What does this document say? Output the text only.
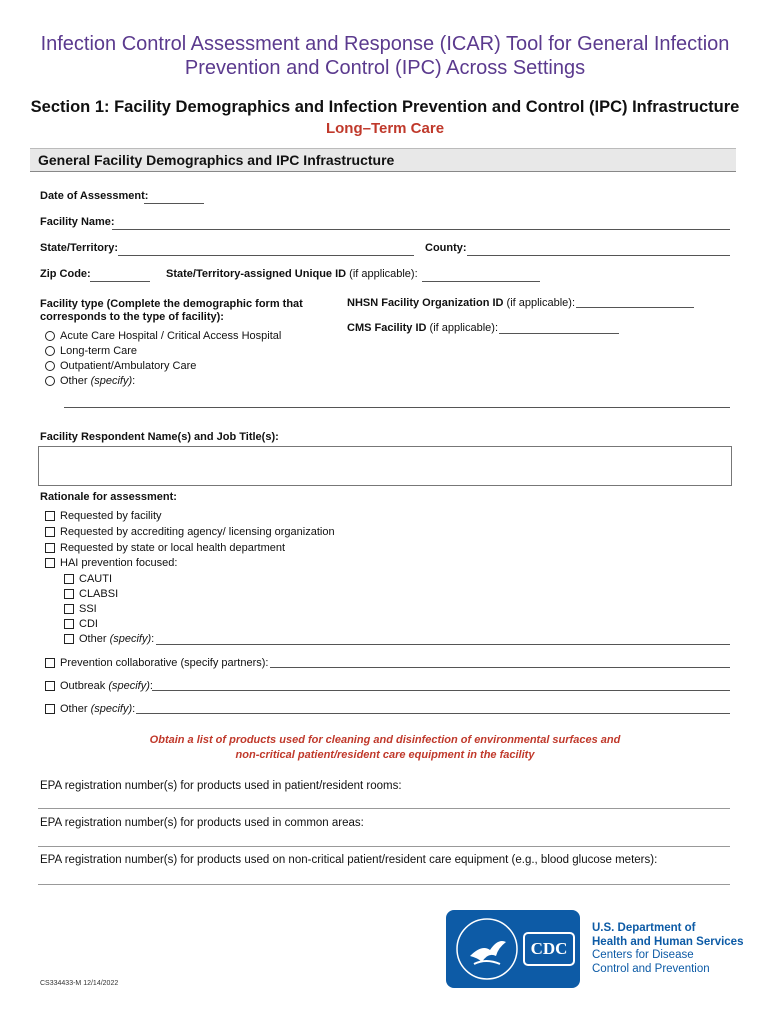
Infection Control Assessment and Response (ICAR) Tool for General Infection
Prevention and Control (IPC) Across Settings
Section 1: Facility Demographics and Infection Prevention and Control (IPC) Infrastructure
Long–Term Care
General Facility Demographics and IPC Infrastructure
Date of Assessment:
Facility Name:
State/Territory:	County:
Zip Code:	State/Territory-assigned Unique ID (if applicable):
Facility type (Complete the demographic form that
corresponds to the type of facility):
Acute Care Hospital / Critical Access Hospital
Long-term Care
Outpatient/Ambulatory Care
Other (specify):
NHSN Facility Organization ID (if applicable):
CMS Facility ID (if applicable):
Facility Respondent Name(s) and Job Title(s):
Rationale for assessment:
Requested by facility
Requested by accrediting agency/ licensing organization
Requested by state or local health department
HAI prevention focused:
CAUTI
CLABSI
SSI
CDI
Other (specify):
Prevention collaborative (specify partners):
Outbreak (specify):
Other (specify):
Obtain a list of products used for cleaning and disinfection of environmental surfaces and
non-critical patient/resident care equipment in the facility
EPA registration number(s) for products used in patient/resident rooms:
EPA registration number(s) for products used in common areas:
EPA registration number(s) for products used on non-critical patient/resident care equipment (e.g., blood glucose meters):
CS334433-M 12/14/2022
CDC
U.S. Department of
Health and Human Services
Centers for Disease
Control and Prevention
